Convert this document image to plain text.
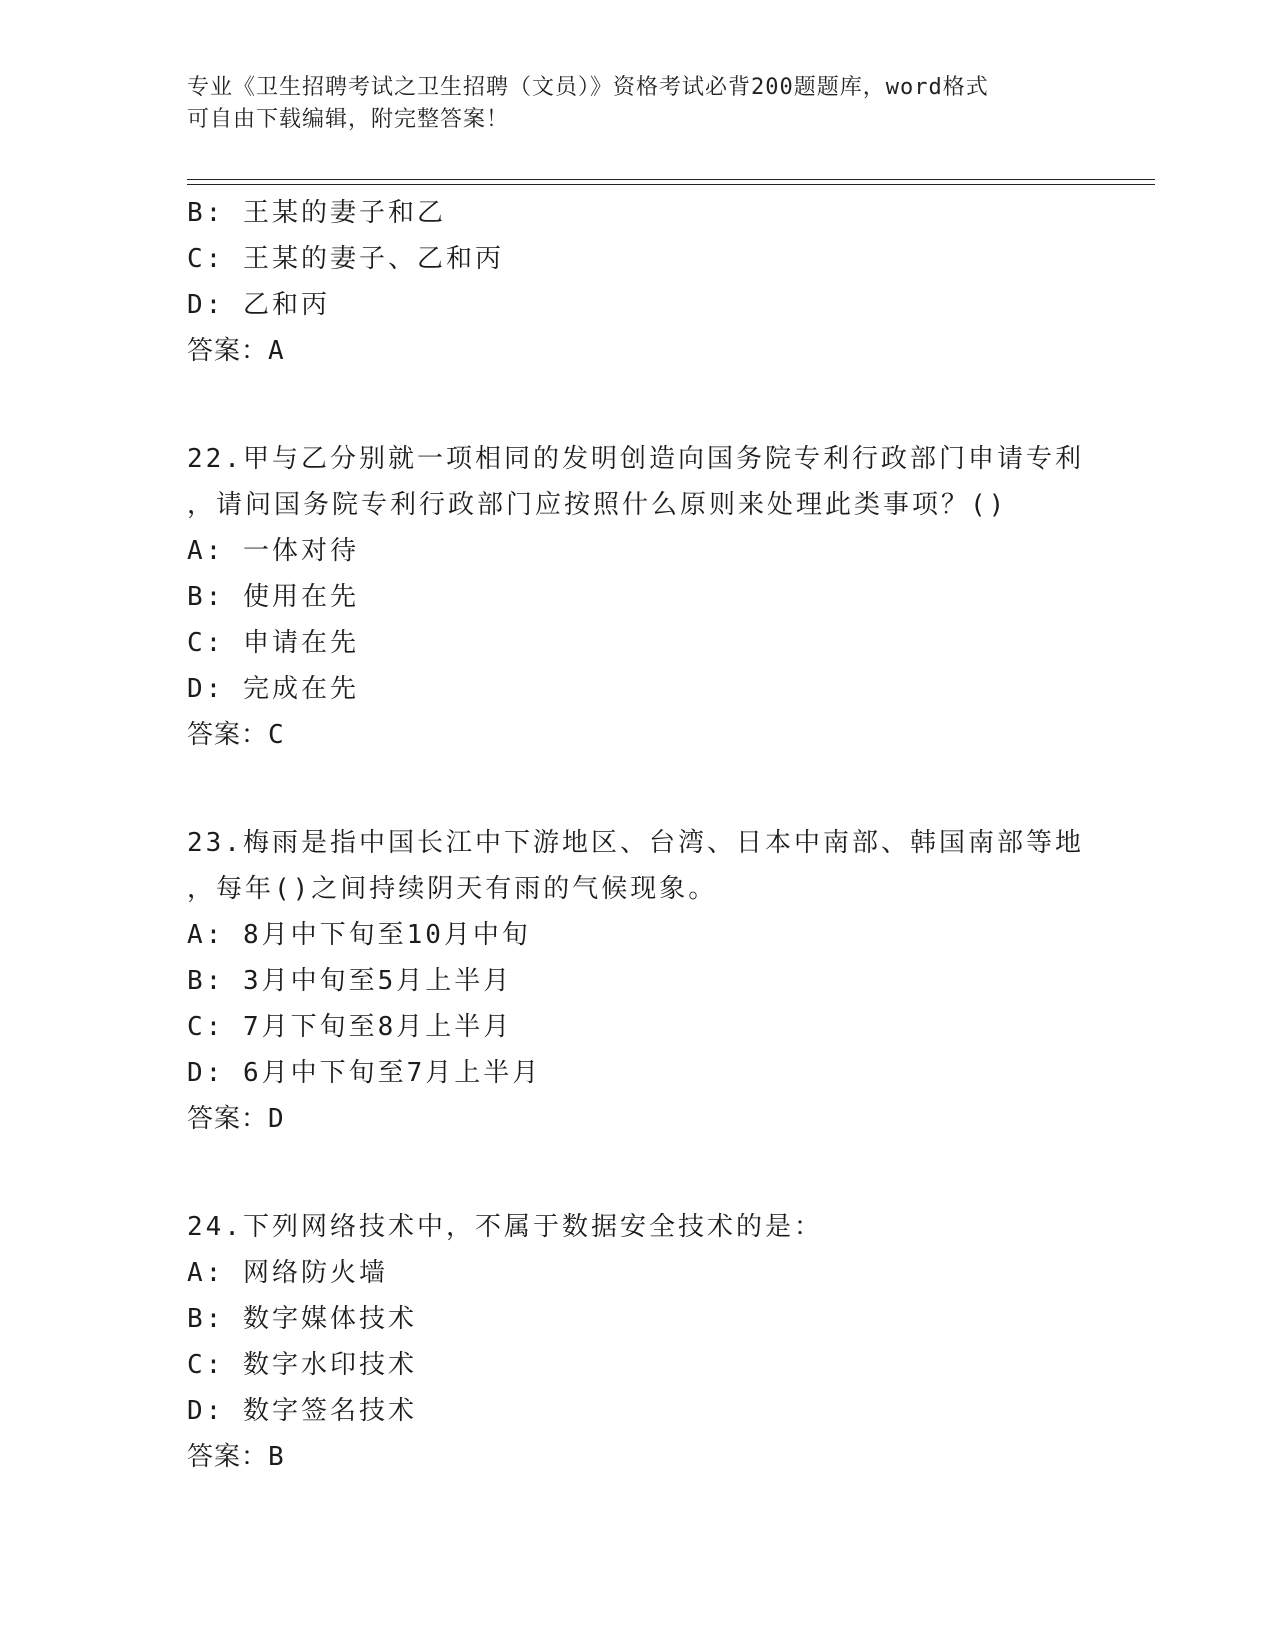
专业《卫生招聘考试之卫生招聘（文员）》资格考试必背200题题库，word格式
可自由下载编辑，附完整答案！
B: 王某的妻子和乙
C: 王某的妻子、乙和丙
D: 乙和丙
答案：A
22.甲与乙分别就一项相同的发明创造向国务院专利行政部门申请专利
，请问国务院专利行政部门应按照什么原则来处理此类事项？()
A: 一体对待
B: 使用在先
C: 申请在先
D: 完成在先
答案：C
23.梅雨是指中国长江中下游地区、台湾、日本中南部、韩国南部等地
，每年()之间持续阴天有雨的气候现象。
A: 8月中下旬至10月中旬
B: 3月中旬至5月上半月
C: 7月下旬至8月上半月
D: 6月中下旬至7月上半月
答案：D
24.下列网络技术中，不属于数据安全技术的是：
A: 网络防火墙
B: 数字媒体技术
C: 数字水印技术
D: 数字签名技术
答案：B
